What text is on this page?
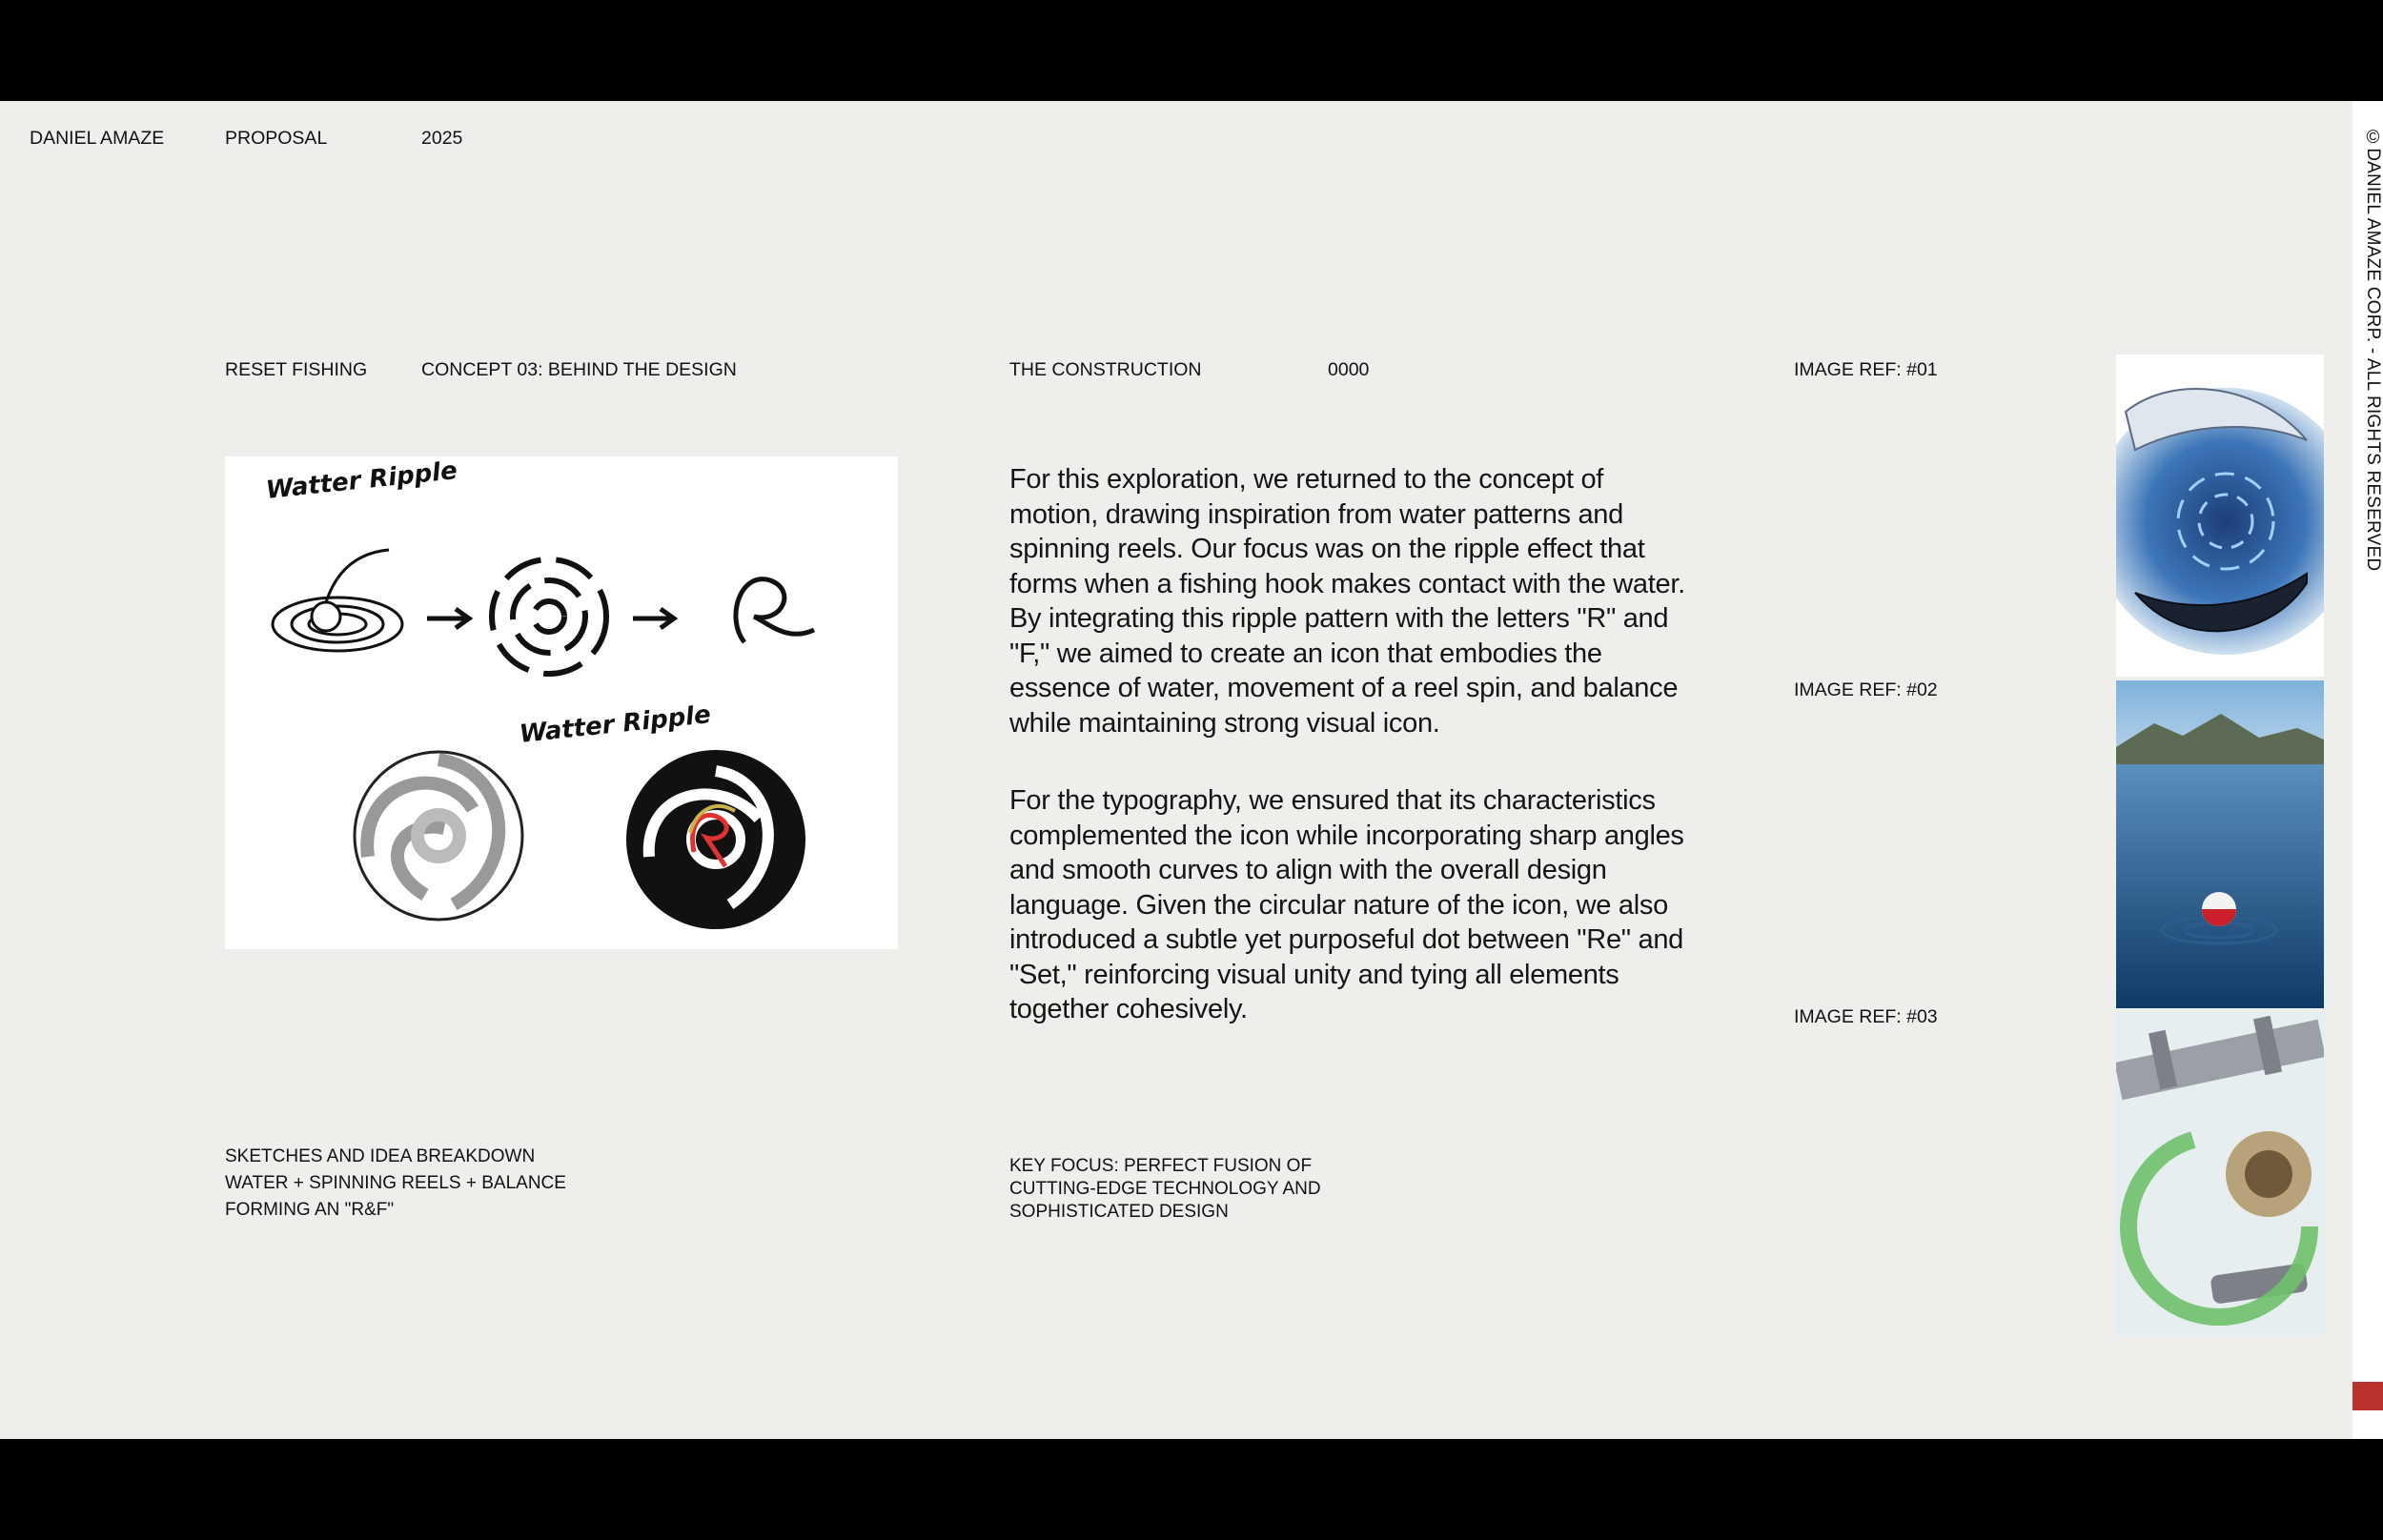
©DANIEL AMAZE CORP. - ALL RIGHTS RESERVED
DANIEL AMAZE	PROPOSAL	2025
RESET FISHING	CONCEPT 03: BEHIND THE DESIGN	THE CONSTRUCTION	0000	IMAGE REF: #01
IMAGE REF: #02
IMAGE REF: #03
Watter Ripple
Watter Ripple

For this exploration, we returned to the concept of motion, drawing inspiration from water patterns and spinning reels. Our focus was on the ripple effect that forms when a fishing hook makes contact with the water. By integrating this ripple pattern with the letters "R" and "F," we aimed to create an icon that embodies the essence of water, movement of a reel spin, and balance while maintaining strong visual icon.

For the typography, we ensured that its characteristics complemented the icon while incorporating sharp angles and smooth curves to align with the overall design language. Given the circular nature of the icon, we also introduced a subtle yet purposeful dot between "Re" and "Set," reinforcing visual unity and tying all elements together cohesively.

SKETCHES AND IDEA BREAKDOWN
WATER + SPINNING REELS + BALANCE
FORMING AN "R&F"
KEY FOCUS: PERFECT FUSION OF
CUTTING-EDGE TECHNOLOGY AND
SOPHISTICATED DESIGN
